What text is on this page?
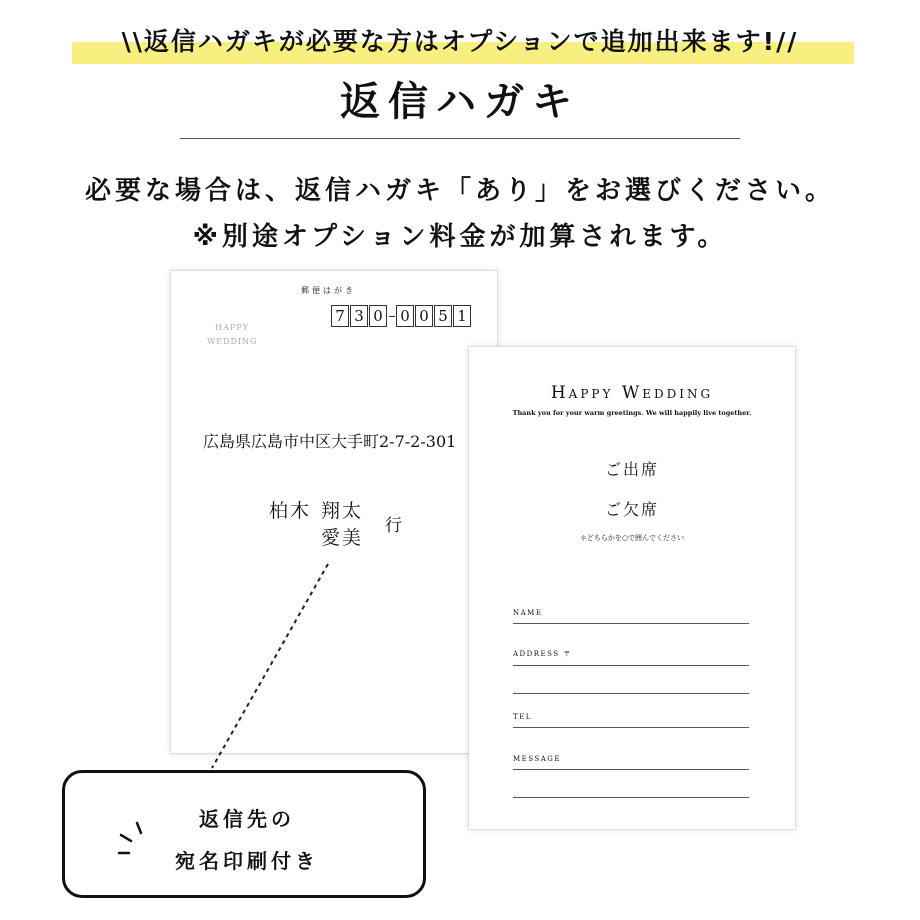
\\返信ハガキが必要な方はオプションで追加出来ます!//
返信ハガキ
必要な場合は、返信ハガキ「あり」をお選びください。
※別途オプション料金が加算されます。
郵便はがき
7 3 0 0 0 5 1
HAPPY WEDDING
広島県広島市中区大手町2-7-2-301
柏木 翔太
愛美
行
Happy Wedding
Thank you for your warm greetings. We will happily live together.
ご出席
ご欠席
＊どちらかを○で囲んでください
NAME
ADDRESS 〒
TEL
MESSAGE
返信先の
宛名印刷付き
